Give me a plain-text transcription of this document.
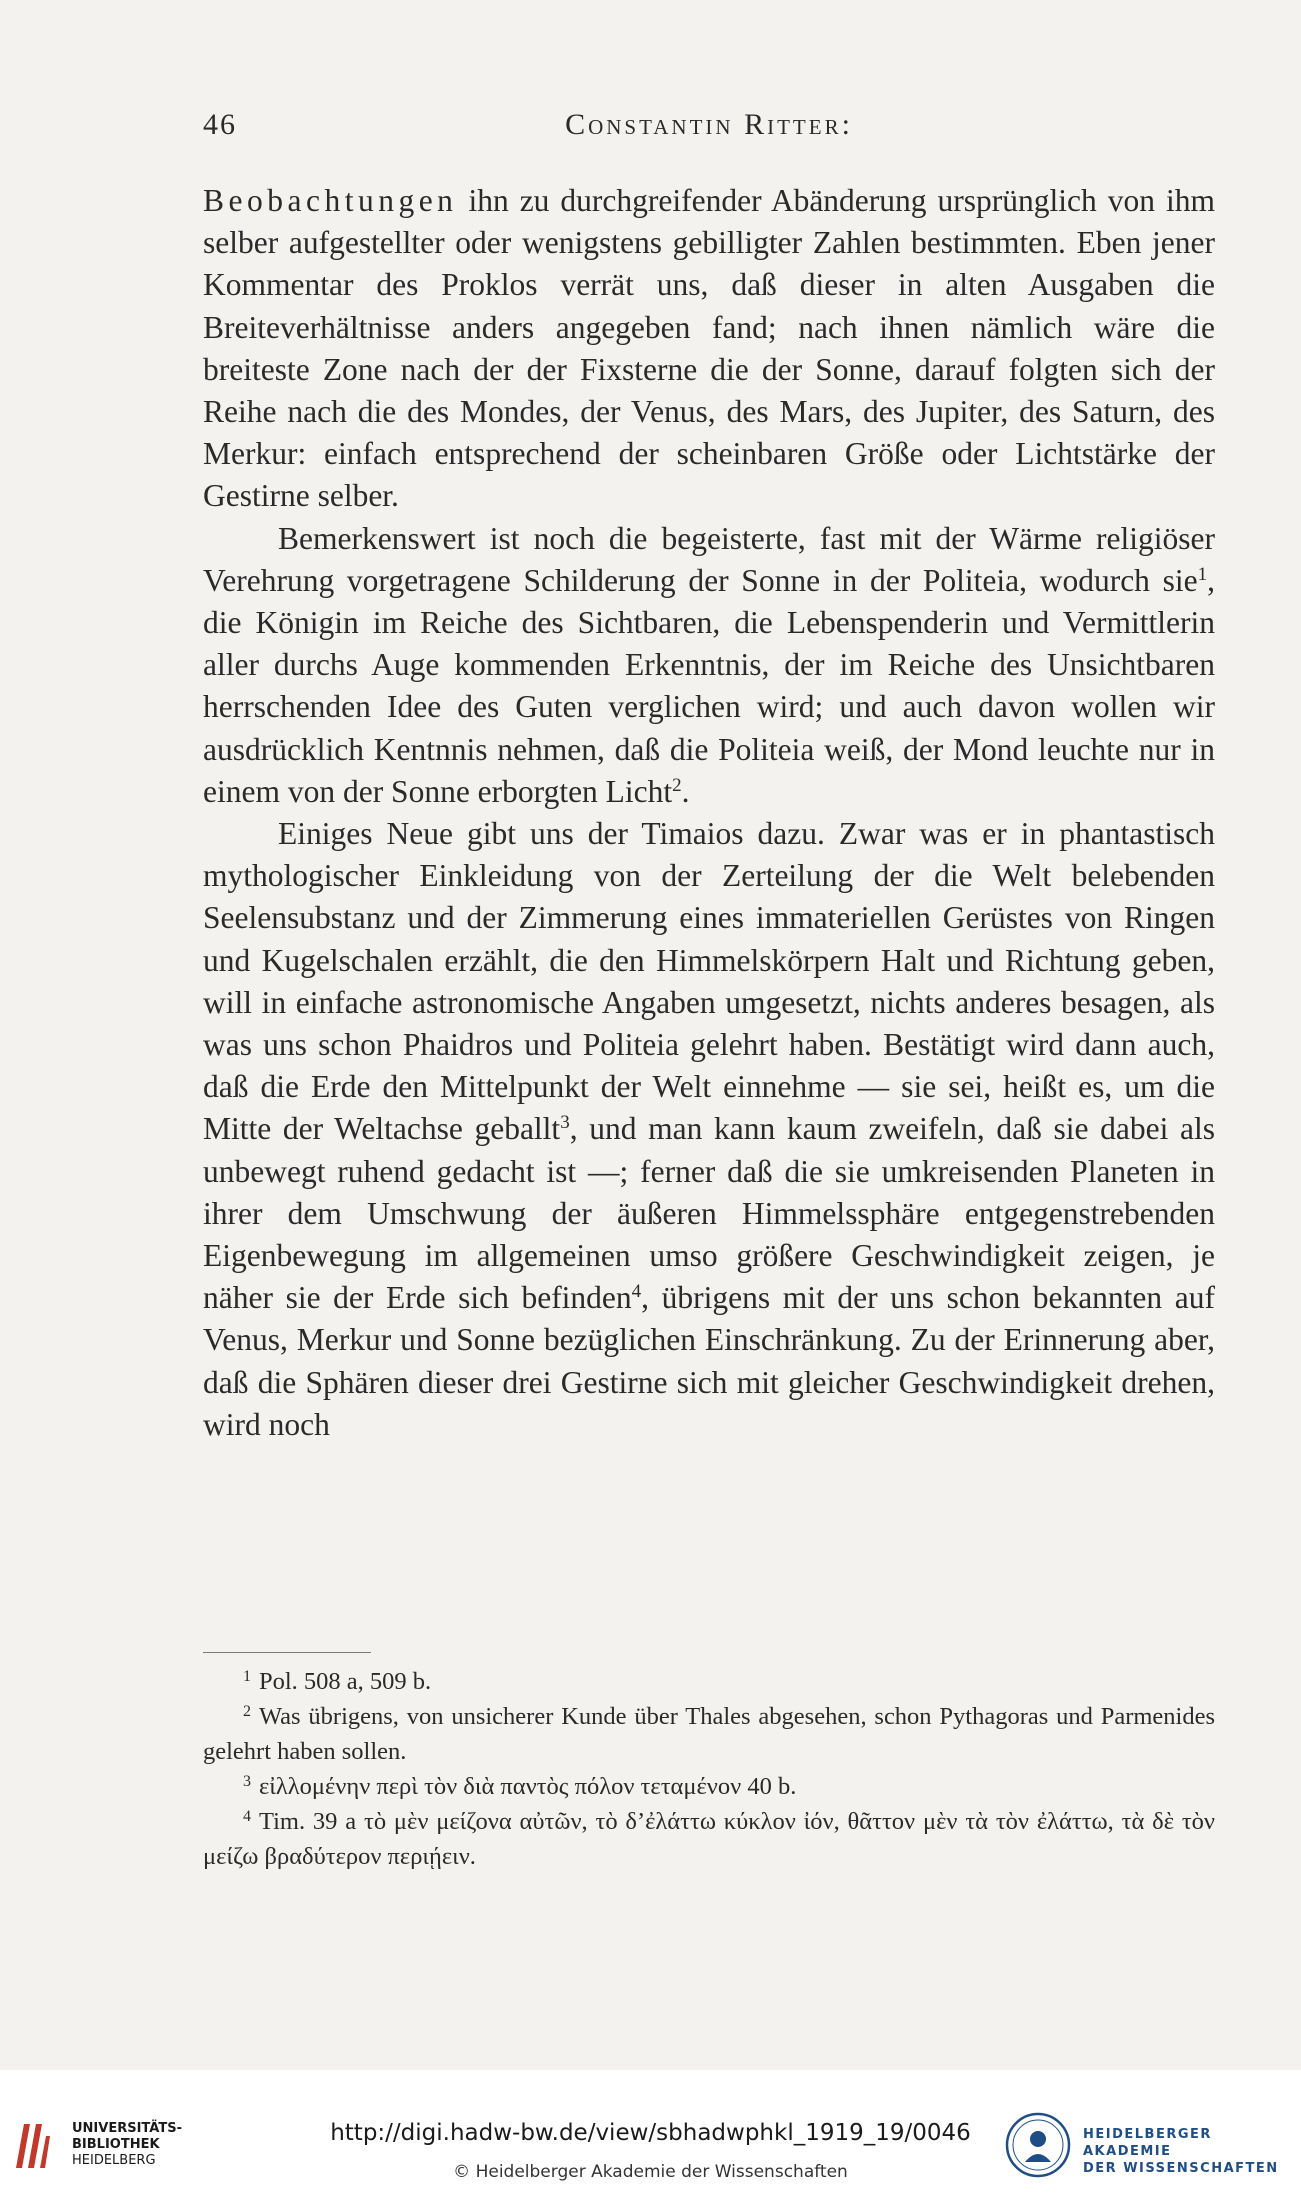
46	Constantin Ritter:

Beobachtungen ihn zu durchgreifender Abänderung ursprünglich von ihm selber aufgestellter oder wenigstens gebilligter Zahlen bestimmten. Eben jener Kommentar des Proklos verrät uns, daß dieser in alten Ausgaben die Breiteverhältnisse anders angegeben fand; nach ihnen nämlich wäre die breiteste Zone nach der der Fixsterne die der Sonne, darauf folgten sich der Reihe nach die des Mondes, der Venus, des Mars, des Jupiter, des Saturn, des Merkur: einfach entsprechend der scheinbaren Größe oder Lichtstärke der Gestirne selber.

Bemerkenswert ist noch die begeisterte, fast mit der Wärme religiöser Verehrung vorgetragene Schilderung der Sonne in der Politeia, wodurch sie$^1$, die Königin im Reiche des Sichtbaren, die Lebenspenderin und Vermittlerin aller durchs Auge kommenden Erkenntnis, der im Reiche des Unsichtbaren herrschenden Idee des Guten verglichen wird; und auch davon wollen wir ausdrücklich Kentnnis nehmen, daß die Politeia weiß, der Mond leuchte nur in einem von der Sonne erborgten Licht$^2$.

Einiges Neue gibt uns der Timaios dazu. Zwar was er in phantastisch mythologischer Einkleidung von der Zerteilung der die Welt belebenden Seelensubstanz und der Zimmerung eines immateriellen Gerüstes von Ringen und Kugelschalen erzählt, die den Himmelskörpern Halt und Richtung geben, will in einfache astronomische Angaben umgesetzt, nichts anderes besagen, als was uns schon Phaidros und Politeia gelehrt haben. Bestätigt wird dann auch, daß die Erde den Mittelpunkt der Welt einnehme — sie sei, heißt es, um die Mitte der Weltachse geballt$^3$, und man kann kaum zweifeln, daß sie dabei als unbewegt ruhend gedacht ist —; ferner daß die sie umkreisenden Planeten in ihrer dem Umschwung der äußeren Himmelssphäre entgegenstrebenden Eigenbewegung im allgemeinen umso größere Geschwindigkeit zeigen, je näher sie der Erde sich befinden$^4$, übrigens mit der uns schon bekannten auf Venus, Merkur und Sonne bezüglichen Einschränkung. Zu der Erinnerung aber, daß die Sphären dieser drei Gestirne sich mit gleicher Geschwindigkeit drehen, wird noch

$^1$ Pol. 508 a, 509 b.

$^2$ Was übrigens, von unsicherer Kunde über Thales abgesehen, schon Pythagoras und Parmenides gelehrt haben sollen.

$^3$ εἰλλομένην περὶ τὸν διὰ παντὸς πόλον τεταμένον 40 b.

$^4$ Tim. 39 a τὸ μὲν μείζονα αὐτῶν, τὸ δ’ἐλάττω κύκλον ἰόν, θᾶττον μὲν τὰ τὸν ἐλάττω, τὰ δὲ τὸν μείζω βραδύτερον περιῄειν.

UNIVERSITÄTS-
BIBLIOTHEK
HEIDELBERG
http://digi.hadw-bw.de/view/sbhadwphkl_1919_19/0046
© Heidelberger Akademie der Wissenschaften
HEIDELBERGER AKADEMIE
DER WISSENSCHAFTEN
